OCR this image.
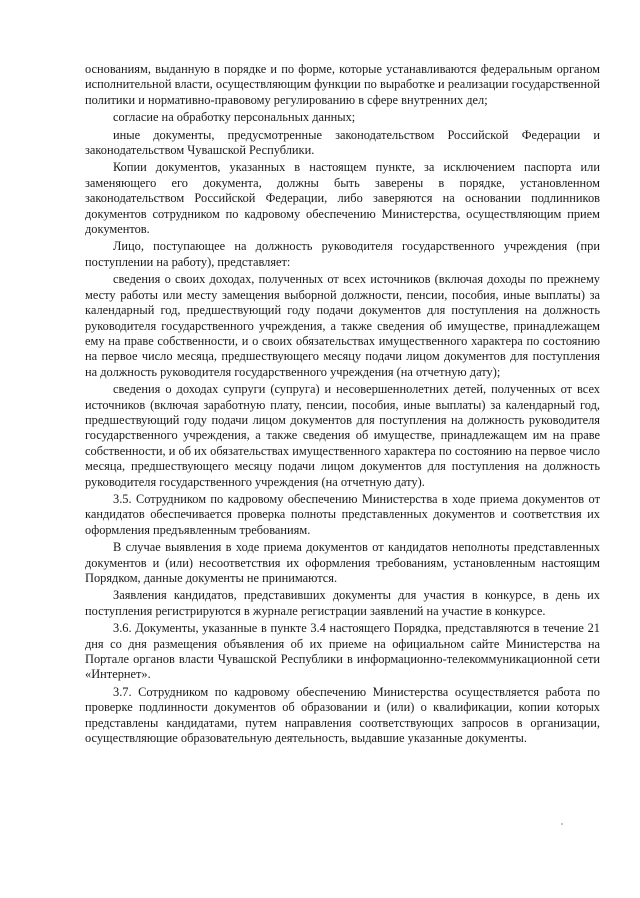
основаниям, выданную в порядке и по форме, которые устанавливаются федеральным органом исполнительной власти, осуществляющим функции по выработке и реализации государственной политики и нормативно-правовому регулированию в сфере внутренних дел;

согласие на обработку персональных данных;

иные документы, предусмотренные законодательством Российской Федерации и законодательством Чувашской Республики.

Копии документов, указанных в настоящем пункте, за исключением паспорта или заменяющего его документа, должны быть заверены в порядке, установленном законодательством Российской Федерации, либо заверяются на основании подлинников документов сотрудником по кадровому обеспечению Министерства, осуществляющим прием документов.

Лицо, поступающее на должность руководителя государственного учреждения (при поступлении на работу), представляет:

сведения о своих доходах, полученных от всех источников (включая доходы по прежнему месту работы или месту замещения выборной должности, пенсии, пособия, иные выплаты) за календарный год, предшествующий году подачи документов для поступления на должность руководителя государственного учреждения, а также сведения об имуществе, принадлежащем ему на праве собственности, и о своих обязательствах имущественного характера по состоянию на первое число месяца, предшествующего месяцу подачи лицом документов для поступления на должность руководителя государственного учреждения (на отчетную дату);

сведения о доходах супруги (супруга) и несовершеннолетних детей, полученных от всех источников (включая заработную плату, пенсии, пособия, иные выплаты) за календарный год, предшествующий году подачи лицом документов для поступления на должность руководителя государственного учреждения, а также сведения об имуществе, принадлежащем им на праве собственности, и об их обязательствах имущественного характера по состоянию на первое число месяца, предшествующего месяцу подачи лицом документов для поступления на должность руководителя государственного учреждения (на отчетную дату).

3.5. Сотрудником по кадровому обеспечению Министерства в ходе приема документов от кандидатов обеспечивается проверка полноты представленных документов и соответствия их оформления предъявленным требованиям.

В случае выявления в ходе приема документов от кандидатов неполноты представленных документов и (или) несоответствия их оформления требованиям, установленным настоящим Порядком, данные документы не принимаются.

Заявления кандидатов, представивших документы для участия в конкурсе, в день их поступления регистрируются в журнале регистрации заявлений на участие в конкурсе.

3.6. Документы, указанные в пункте 3.4 настоящего Порядка, представляются в течение 21 дня со дня размещения объявления об их приеме на официальном сайте Министерства на Портале органов власти Чувашской Республики в информационно-телекоммуникационной сети «Интернет».

3.7. Сотрудником по кадровому обеспечению Министерства осуществляется работа по проверке подлинности документов об образовании и (или) о квалификации, копии которых представлены кандидатами, путем направления соответствующих запросов в организации, осуществляющие образовательную деятельность, выдавшие указанные документы.
